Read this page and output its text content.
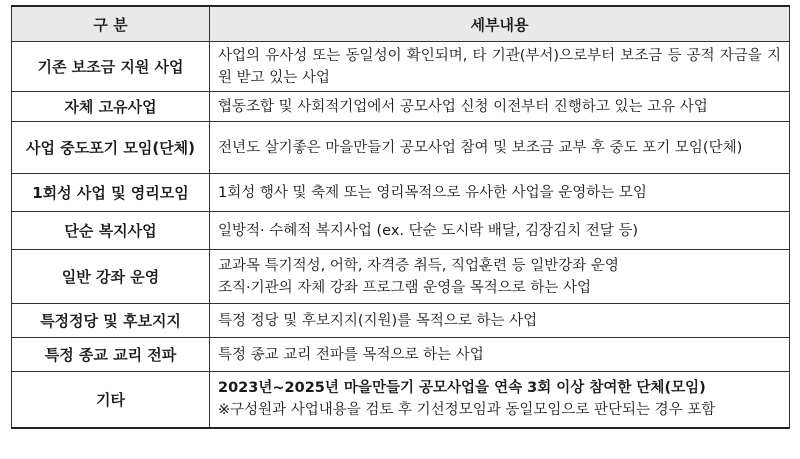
구 분	세부내용
기존 보조금 지원 사업	사업의 유사성 또는 동일성이 확인되며, 타 기관(부서)으로부터 보조금 등 공적 자금을 지원 받고 있는 사업

자체 고유사업	협동조합 및 사회적기업에서 공모사업 신청 이전부터 진행하고 있는 고유 사업

사업 중도포기 모임(단체)	전년도 살기좋은 마을만들기 공모사업 참여 및 보조금 교부 후 중도 포기 모임(단체)

1회성 사업 및 영리모임	1회성 행사 및 축제 또는 영리목적으로 유사한 사업을 운영하는 모임

단순 복지사업	일방적· 수혜적 복지사업 (ex. 단순 도시락 배달, 김장김치 전달 등)

일반 강좌 운영	교과목 특기적성, 어학, 자격증 취득, 직업훈련 등 일반강좌 운영
조직·기관의 자체 강좌 프로그램 운영을 목적으로 하는 사업

특정정당 및 후보지지	특정 정당 및 후보지지(지원)를 목적으로 하는 사업

특정 종교 교리 전파	특정 종교 교리 전파를 목적으로 하는 사업

기타	2023년~2025년 마을만들기 공모사업을 연속 3회 이상 참여한 단체(모임)
※구성원과 사업내용을 검토 후 기선정모임과 동일모임으로 판단되는 경우 포함
